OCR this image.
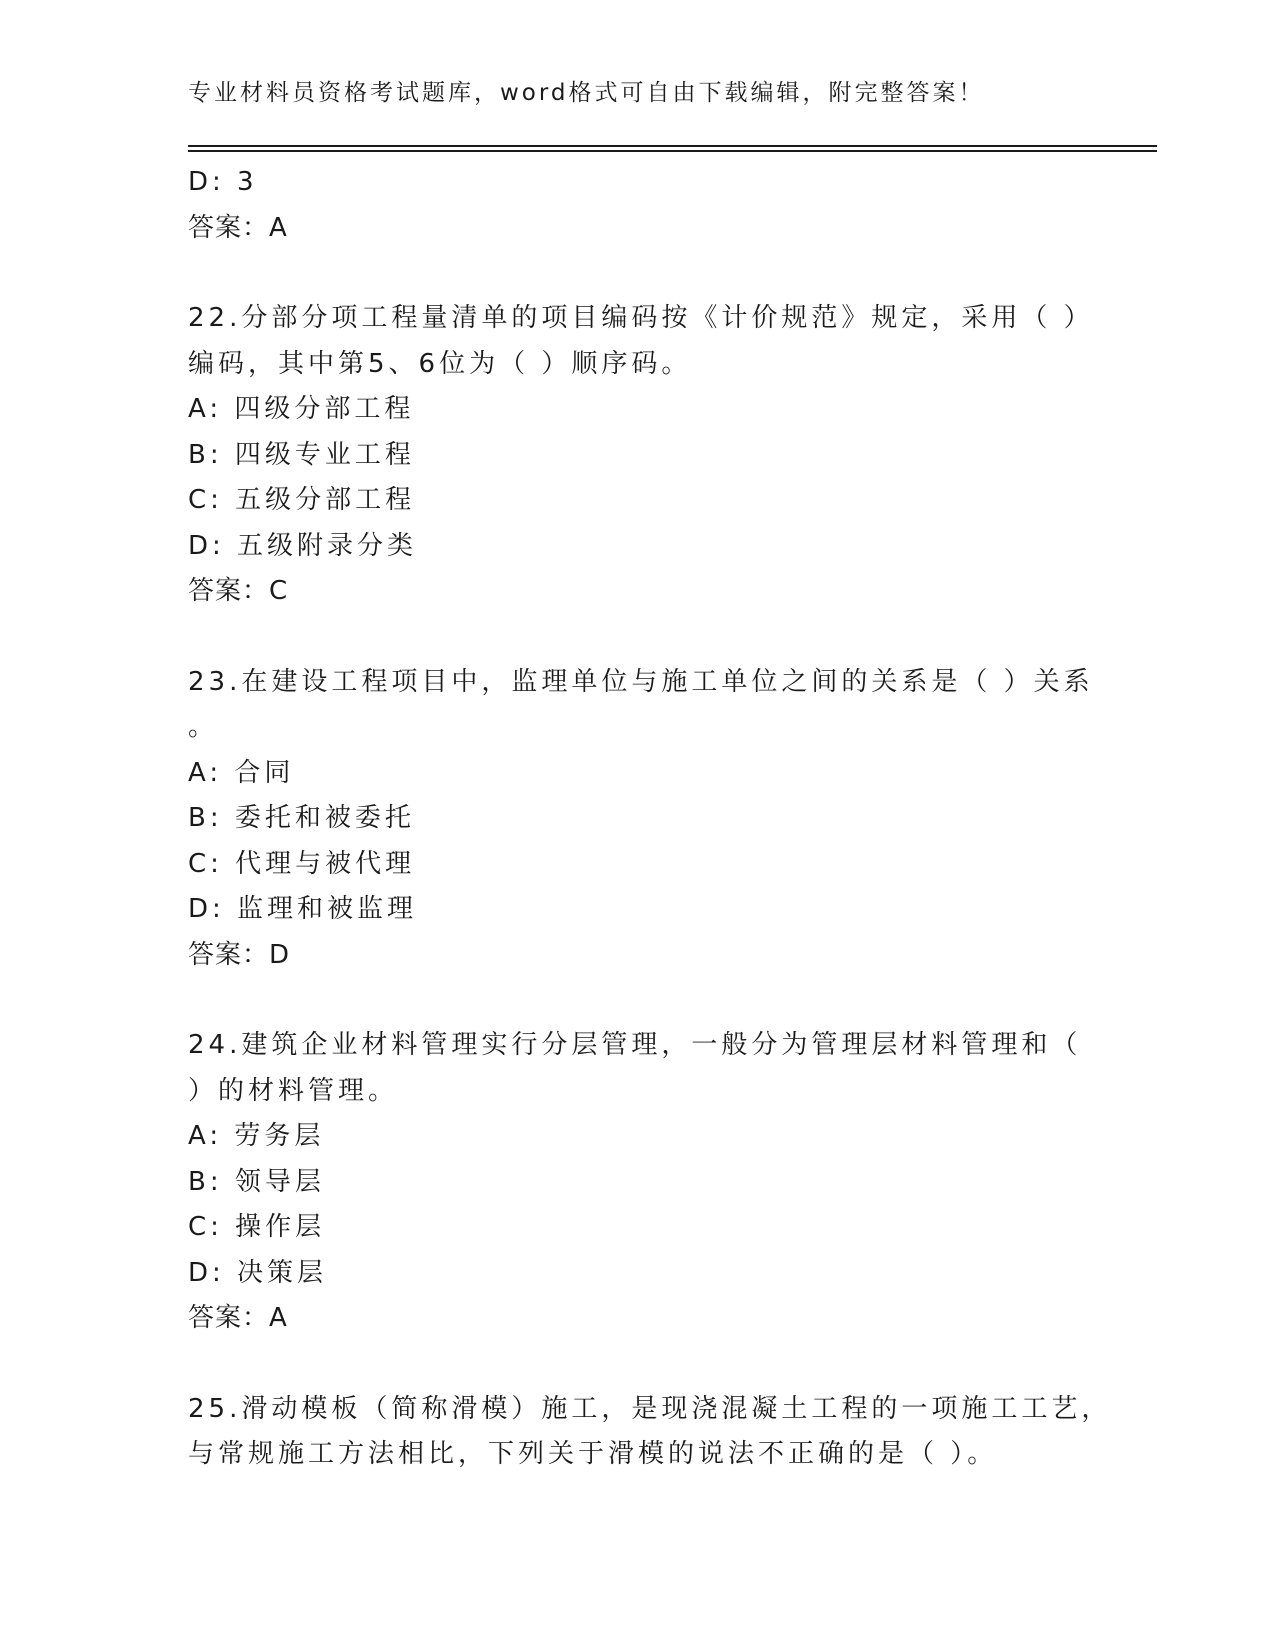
专业材料员资格考试题库，word格式可自由下载编辑，附完整答案！
D: 3
答案：A
22.分部分项工程量清单的项目编码按《计价规范》规定，采用（ ）
编码，其中第5、6位为（ ）顺序码。
A: 四级分部工程
B: 四级专业工程
C: 五级分部工程
D: 五级附录分类
答案：C
23.在建设工程项目中，监理单位与施工单位之间的关系是（ ）关系
。
A: 合同
B: 委托和被委托
C: 代理与被代理
D: 监理和被监理
答案：D
24.建筑企业材料管理实行分层管理，一般分为管理层材料管理和（
）的材料管理。
A: 劳务层
B: 领导层
C: 操作层
D: 决策层
答案：A
25.滑动模板（简称滑模）施工，是现浇混凝土工程的一项施工工艺，
与常规施工方法相比，下列关于滑模的说法不正确的是（ ）。
